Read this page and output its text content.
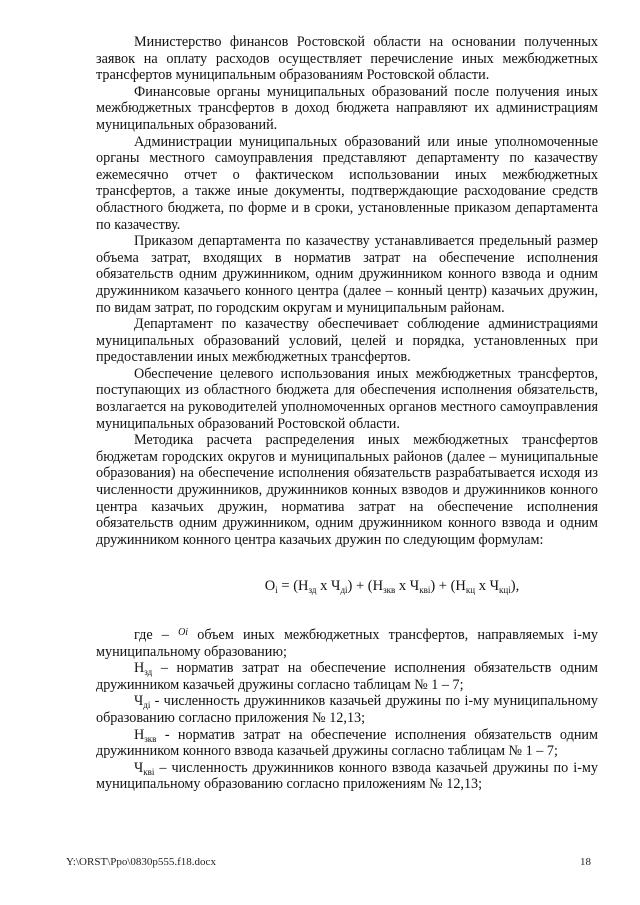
Министерство финансов Ростовской области на основании полученных заявок на оплату расходов осуществляет перечисление иных межбюджетных трансфертов муниципальным образованиям Ростовской области.

Финансовые органы муниципальных образований после получения иных межбюджетных трансфертов в доход бюджета направляют их администрациям муниципальных образований.

Администрации муниципальных образований или иные уполномоченные органы местного самоуправления представляют департаменту по казачеству ежемесячно отчет о фактическом использовании иных межбюджетных трансфертов, а также иные документы, подтверждающие расходование средств областного бюджета, по форме и в сроки, установленные приказом департамента по казачеству.

Приказом департамента по казачеству устанавливается предельный размер объема затрат, входящих в норматив затрат на обеспечение исполнения обязательств одним дружинником, одним дружинником конного взвода и одним дружинником казачьего конного центра (далее – конный центр) казачьих дружин, по видам затрат, по городским округам и муниципальным районам.

Департамент по казачеству обеспечивает соблюдение администрациями муниципальных образований условий, целей и порядка, установленных при предоставлении иных межбюджетных трансфертов.

Обеспечение целевого использования иных межбюджетных трансфертов, поступающих из областного бюджета для обеспечения исполнения обязательств, возлагается на руководителей уполномоченных органов местного самоуправления муниципальных образований Ростовской области.

Методика расчета распределения иных межбюджетных трансфертов бюджетам городских округов и муниципальных районов (далее – муниципальные образования) на обеспечение исполнения обязательств разрабатывается исходя из численности дружинников, дружинников конных взводов и дружинников конного центра казачьих дружин, норматива затрат на обеспечение исполнения обязательств одним дружинником, одним дружинником конного взвода и одним дружинником конного центра казачьих дружин по следующим формулам:

$O_i = (Н_{зд}$ х $Ч_{дi}) + (Н_{зкв}$ х $Ч_{квi}) + (Н_{кц}$ х $Ч_{кцi}$),

где – $^{Oi}$ объем иных межбюджетных трансфертов, направляемых i-му муниципальному образованию;

$Н_{зд}$ – норматив затрат на обеспечение исполнения обязательств одним дружинником казачьей дружины согласно таблицам № 1 – 7;

$Ч_{дi}$ - численность дружинников казачьей дружины по i-му муниципальному образованию согласно приложения № 12,13;

$Н_{зкв}$ - норматив затрат на обеспечение исполнения обязательств одним дружинником конного взвода казачьей дружины согласно таблицам № 1 – 7;

$Ч_{квi}$ – численность дружинников конного взвода казачьей дружины по i-му муниципальному образованию согласно приложениям № 12,13;

Y:\ORST\Ppo\0830p555.f18.docx	18
